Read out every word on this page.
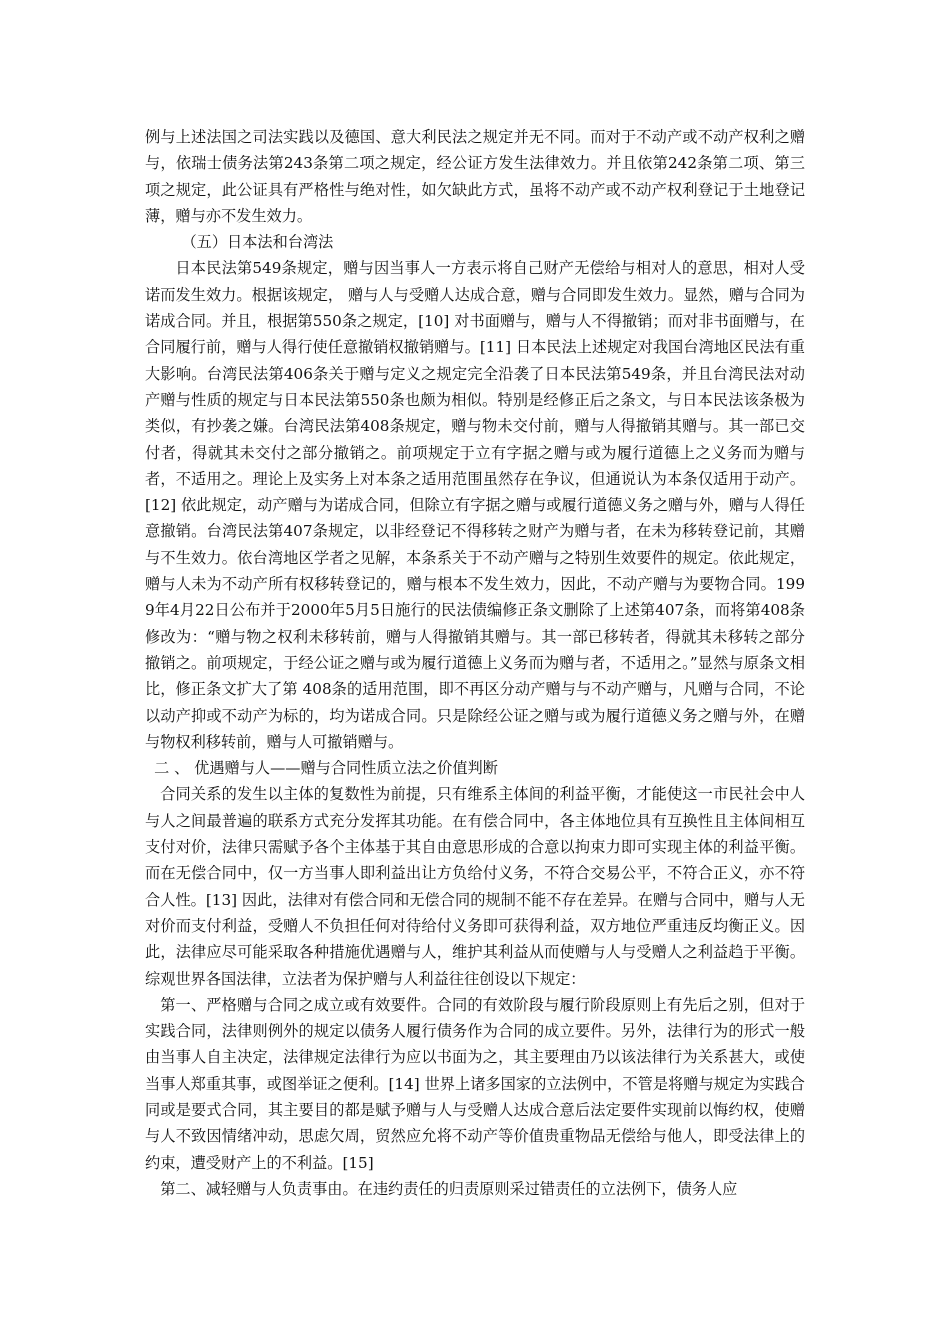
例与上述法国之司法实践以及德国、意大利民法之规定并无不同。而对于不动产或不动产权利之赠与，依瑞士债务法第243条第二项之规定，经公证方发生法律效力。并且依第242条第二项、第三项之规定，此公证具有严格性与绝对性，如欠缺此方式，虽将不动产或不动产权利登记于土地登记薄，赠与亦不发生效力。

（五）日本法和台湾法

日本民法第549条规定，赠与因当事人一方表示将自己财产无偿给与相对人的意思，相对人受诺而发生效力。根据该规定， 赠与人与受赠人达成合意，赠与合同即发生效力。显然，赠与合同为诺成合同。并且，根据第550条之规定，[10] 对书面赠与，赠与人不得撤销；而对非书面赠与，在合同履行前，赠与人得行使任意撤销权撤销赠与。[11] 日本民法上述规定对我国台湾地区民法有重大影响。台湾民法第406条关于赠与定义之规定完全沿袭了日本民法第549条，并且台湾民法对动产赠与性质的规定与日本民法第550条也颇为相似。特别是经修正后之条文，与日本民法该条极为类似，有抄袭之嫌。台湾民法第408条规定，赠与物未交付前，赠与人得撤销其赠与。其一部已交付者，得就其未交付之部分撤销之。前项规定于立有字据之赠与或为履行道德上之义务而为赠与者，不适用之。理论上及实务上对本条之适用范围虽然存在争议，但通说认为本条仅适用于动产。[12] 依此规定，动产赠与为诺成合同，但除立有字据之赠与或履行道德义务之赠与外，赠与人得任意撤销。台湾民法第407条规定，以非经登记不得移转之财产为赠与者，在未为移转登记前，其赠与不生效力。依台湾地区学者之见解，本条系关于不动产赠与之特别生效要件的规定。依此规定，赠与人未为不动产所有权移转登记的，赠与根本不发生效力，因此，不动产赠与为要物合同。1999年4月22日公布并于2000年5月5日施行的民法债编修正条文删除了上述第407条，而将第408条修改为：“赠与物之权利未移转前，赠与人得撤销其赠与。其一部已移转者，得就其未移转之部分撤销之。前项规定，于经公证之赠与或为履行道德上义务而为赠与者，不适用之。”显然与原条文相比，修正条文扩大了第 408条的适用范围，即不再区分动产赠与与不动产赠与，凡赠与合同，不论以动产抑或不动产为标的，均为诺成合同。只是除经公证之赠与或为履行道德义务之赠与外，在赠与物权利移转前，赠与人可撤销赠与。

二 、 优遇赠与人——赠与合同性质立法之价值判断

合同关系的发生以主体的复数性为前提，只有维系主体间的利益平衡，才能使这一市民社会中人与人之间最普遍的联系方式充分发挥其功能。在有偿合同中，各主体地位具有互换性且主体间相互支付对价，法律只需赋予各个主体基于其自由意思形成的合意以拘束力即可实现主体的利益平衡。而在无偿合同中，仅一方当事人即利益出让方负给付义务，不符合交易公平，不符合正义，亦不符合人性。[13] 因此，法律对有偿合同和无偿合同的规制不能不存在差异。在赠与合同中，赠与人无对价而支付利益，受赠人不负担任何对待给付义务即可获得利益，双方地位严重违反均衡正义。因此，法律应尽可能采取各种措施优遇赠与人，维护其利益从而使赠与人与受赠人之利益趋于平衡。综观世界各国法律，立法者为保护赠与人利益往往创设以下规定：

第一、严格赠与合同之成立或有效要件。合同的有效阶段与履行阶段原则上有先后之别，但对于实践合同，法律则例外的规定以债务人履行债务作为合同的成立要件。另外，法律行为的形式一般由当事人自主决定，法律规定法律行为应以书面为之，其主要理由乃以该法律行为关系甚大，或使当事人郑重其事，或图举证之便利。[14] 世界上诸多国家的立法例中，不管是将赠与规定为实践合同或是要式合同，其主要目的都是赋予赠与人与受赠人达成合意后法定要件实现前以悔约权，使赠与人不致因情绪冲动，思虑欠周，贸然应允将不动产等价值贵重物品无偿给与他人，即受法律上的约束，遭受财产上的不利益。[15]

第二、减轻赠与人负责事由。在违约责任的归责原则采过错责任的立法例下，债务人应
